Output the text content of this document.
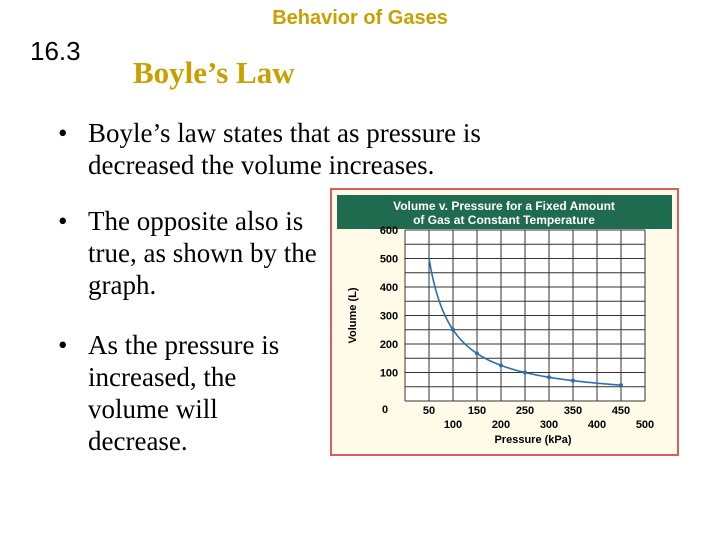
Behavior of Gases
16.3
Boyle’s Law
• Boyle’s law states that as pressure is decreased the volume increases.
• The opposite also is true, as shown by the graph.
• As the pressure is increased, the volume will decrease.
Volume v. Pressure for a Fixed Amount
of Gas at Constant Temperature
100
200
300
400
500
600
0	50	150	250	350	450
100	200	300	400	500
Pressure (kPa)
Volume (L)
